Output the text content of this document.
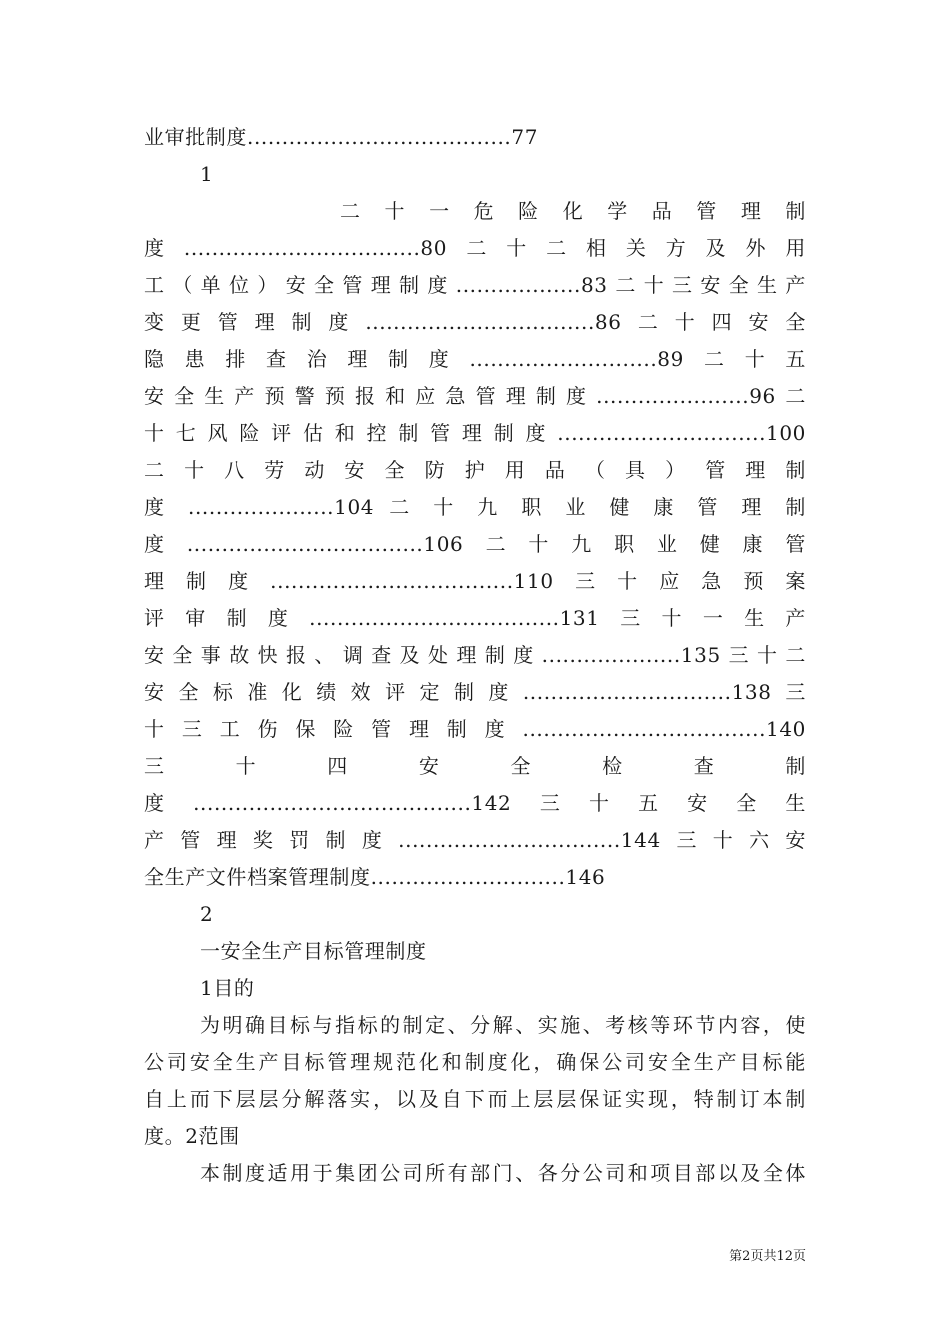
业审批制度......................................77
1
二 十 一 危 险 化 学 品 管 理 制
度..................................80二十二相关方及外用
工（单位）安全管理制度..................83二十三安全生产
变更管理制度.................................86二十四安全
隐患排查治理制度...........................89二十五
安全生产预警预报和应急管理制度......................96二
十七风险评估和控制管理制度..............................100
二 十 八 劳 动 安 全 防 护 用 品 （ 具 ） 管 理 制
度 .....................104 二 十 九 职 业 健 康 管 理 制
度..................................106二十九职业健康管
理制度...................................110三十应急预案
评审制度....................................131三十一生产
安全事故快报、调查及处理制度....................135三十二
安全标准化绩效评定制度..............................138三
十三工伤保险管理制度...................................140
三 十 四 安 全 检 查 制
度........................................142三十五安全生
产管理奖罚制度................................144三十六安
全生产文件档案管理制度............................146
2
一安全生产目标管理制度
1目的
为明确目标与指标的制定、分解、实施、考核等环节内容，使
公司安全生产目标管理规范化和制度化，确保公司安全生产目标能
自上而下层层分解落实，以及自下而上层层保证实现，特制订本制
度。2范围
本制度适用于集团公司所有部门、各分公司和项目部以及全体
第2页共12页
